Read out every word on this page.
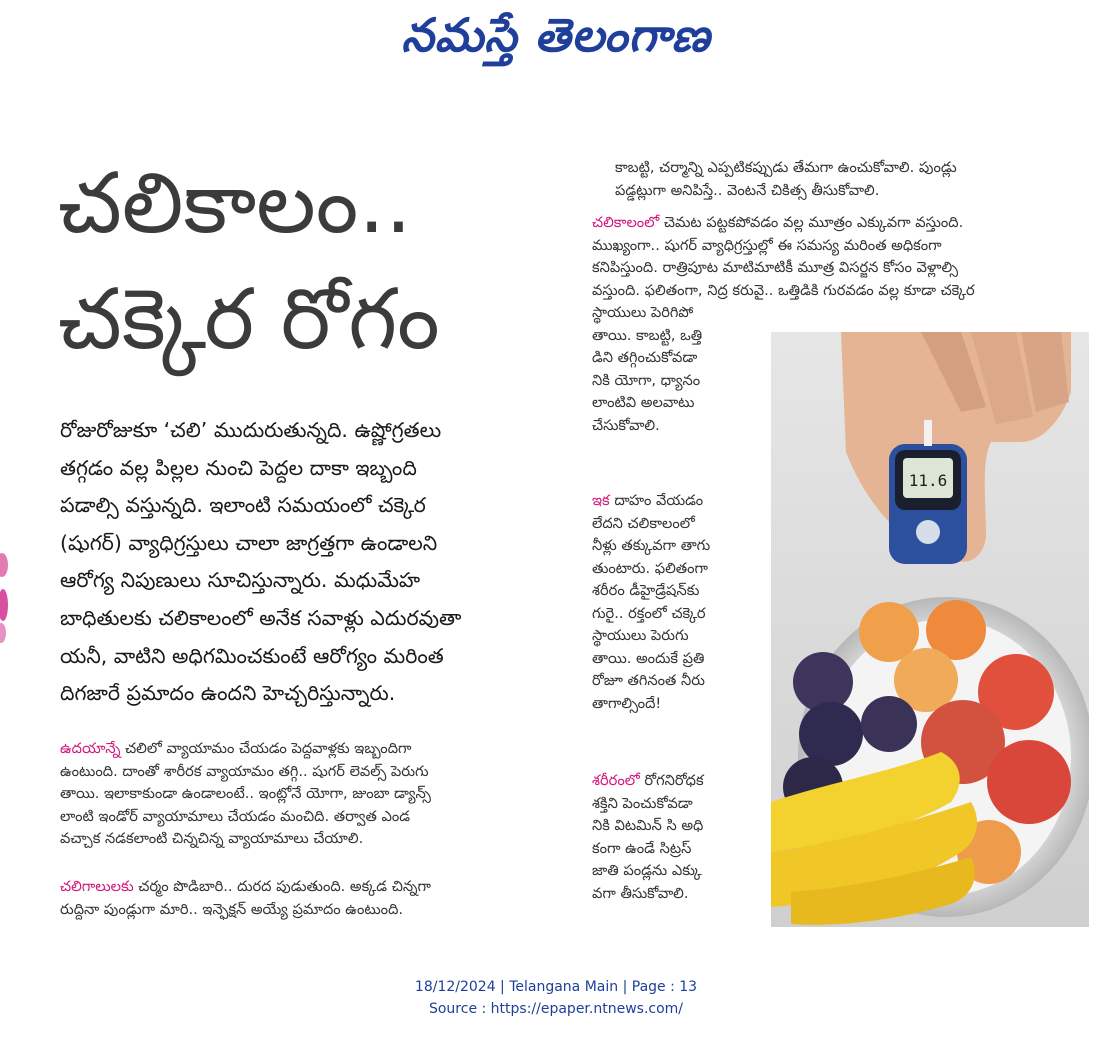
నమస్తే తెలంగాణ
చలికాలం..
చక్కెర రోగం
రోజురోజుకూ ‘చలి’ ముదురుతున్నది. ఉష్ణోగ్రతలు
తగ్గడం వల్ల పిల్లల నుంచి పెద్దల దాకా ఇబ్బంది
పడాల్సి వస్తున్నది. ఇలాంటి సమయంలో చక్కెర
(షుగర్) వ్యాధిగ్రస్తులు చాలా జాగ్రత్తగా ఉండాలని
ఆరోగ్య నిపుణులు సూచిస్తున్నారు. మధుమేహ
బాధితులకు చలికాలంలో అనేక సవాళ్లు ఎదురవుతా
యనీ, వాటిని అధిగమించకుంటే ఆరోగ్యం మరింత
దిగజారే ప్రమాదం ఉందని హెచ్చరిస్తున్నారు.
ఉదయాన్నే చలిలో వ్యాయామం చేయడం పెద్దవాళ్లకు ఇబ్బందిగా
ఉంటుంది. దాంతో శారీరక వ్యాయామం తగ్గి.. షుగర్ లెవల్స్ పెరుగు
తాయి. ఇలాకాకుండా ఉండాలంటే.. ఇంట్లోనే యోగా, జుంబా డ్యాన్స్
లాంటి ఇండోర్ వ్యాయామాలు చేయడం మంచిది. తర్వాత ఎండ
వచ్చాక నడకలాంటి చిన్నచిన్న వ్యాయామాలు చేయాలి.
చలిగాలులకు చర్మం పొడిబారి.. దురద పుడుతుంది. అక్కడ చిన్నగా
రుద్దినా పుండ్లుగా మారి.. ఇన్ఫెక్షన్ అయ్యే ప్రమాదం ఉంటుంది.
కాబట్టి, చర్మాన్ని ఎప్పటికప్పుడు తేమగా ఉంచుకోవాలి. పుండ్లు
పడ్డట్లుగా అనిపిస్తే.. వెంటనే చికిత్స తీసుకోవాలి.
చలికాలంలో చెమట పట్టకపోవడం వల్ల మూత్రం ఎక్కువగా వస్తుంది.
ముఖ్యంగా.. షుగర్ వ్యాధిగ్రస్తుల్లో ఈ సమస్య మరింత అధికంగా
కనిపిస్తుంది. రాత్రిపూట మాటిమాటికీ మూత్ర విసర్జన కోసం వెళ్లాల్సి
వస్తుంది. ఫలితంగా, నిద్ర కరువై.. ఒత్తిడికి గురవడం వల్ల కూడా చక్కెర
స్థాయులు పెరిగిపో
తాయి. కాబట్టి, ఒత్తి
డిని తగ్గించుకోవడా
నికి యోగా, ధ్యానం
లాంటివి అలవాటు
చేసుకోవాలి.
ఇక దాహం వేయడం
లేదని చలికాలంలో
నీళ్లు తక్కువగా తాగు
తుంటారు. ఫలితంగా
శరీరం డీహైడ్రేషన్‌కు
గురై.. రక్తంలో చక్కెర
స్థాయులు పెరుగు
తాయి. అందుకే ప్రతి
రోజూ తగినంత నీరు
తాగాల్సిందే!
శరీరంలో రోగనిరోధక
శక్తిని పెంచుకోవడా
నికి విటమిన్ సి అధి
కంగా ఉండే సిట్రస్
జాతి పండ్లను ఎక్కు
వగా తీసుకోవాలి.
11.6
18/12/2024 | Telangana Main | Page : 13
Source : https://epaper.ntnews.com/
